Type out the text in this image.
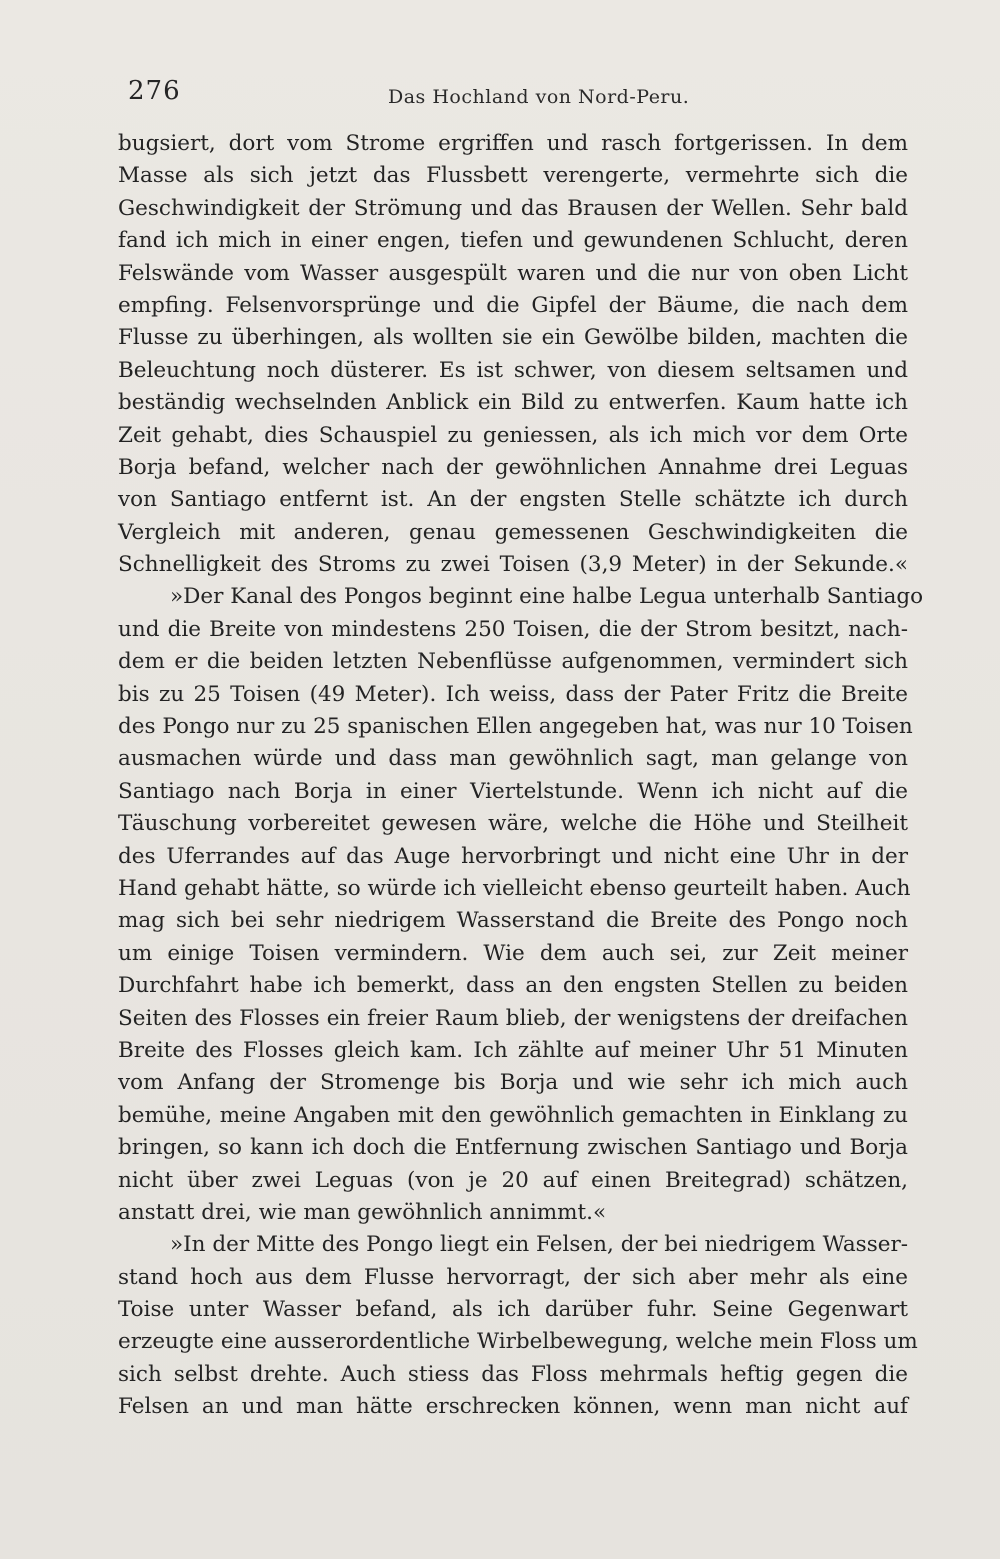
276	Das Hochland von Nord-Peru.
bugsiert, dort vom Strome ergriffen und rasch fortgerissen. In dem
Masse als sich jetzt das Flussbett verengerte, vermehrte sich die
Geschwindigkeit der Strömung und das Brausen der Wellen. Sehr bald
fand ich mich in einer engen, tiefen und gewundenen Schlucht, deren
Felswände vom Wasser ausgespült waren und die nur von oben Licht
empfing. Felsenvorsprünge und die Gipfel der Bäume, die nach dem
Flusse zu überhingen, als wollten sie ein Gewölbe bilden, machten die
Beleuchtung noch düsterer. Es ist schwer, von diesem seltsamen und
beständig wechselnden Anblick ein Bild zu entwerfen. Kaum hatte ich
Zeit gehabt, dies Schauspiel zu geniessen, als ich mich vor dem Orte
Borja befand, welcher nach der gewöhnlichen Annahme drei Leguas
von Santiago entfernt ist. An der engsten Stelle schätzte ich durch
Vergleich mit anderen, genau gemessenen Geschwindigkeiten die
Schnelligkeit des Stroms zu zwei Toisen (3,9 Meter) in der Sekunde.«
»Der Kanal des Pongos beginnt eine halbe Legua unterhalb Santiago
und die Breite von mindestens 250 Toisen, die der Strom besitzt, nach-
dem er die beiden letzten Nebenflüsse aufgenommen, vermindert sich
bis zu 25 Toisen (49 Meter). Ich weiss, dass der Pater Fritz die Breite
des Pongo nur zu 25 spanischen Ellen angegeben hat, was nur 10 Toisen
ausmachen würde und dass man gewöhnlich sagt, man gelange von
Santiago nach Borja in einer Viertelstunde. Wenn ich nicht auf die
Täuschung vorbereitet gewesen wäre, welche die Höhe und Steilheit
des Uferrandes auf das Auge hervorbringt und nicht eine Uhr in der
Hand gehabt hätte, so würde ich vielleicht ebenso geurteilt haben. Auch
mag sich bei sehr niedrigem Wasserstand die Breite des Pongo noch
um einige Toisen vermindern. Wie dem auch sei, zur Zeit meiner
Durchfahrt habe ich bemerkt, dass an den engsten Stellen zu beiden
Seiten des Flosses ein freier Raum blieb, der wenigstens der dreifachen
Breite des Flosses gleich kam. Ich zählte auf meiner Uhr 51 Minuten
vom Anfang der Stromenge bis Borja und wie sehr ich mich auch
bemühe, meine Angaben mit den gewöhnlich gemachten in Einklang zu
bringen, so kann ich doch die Entfernung zwischen Santiago und Borja
nicht über zwei Leguas (von je 20 auf einen Breitegrad) schätzen,
anstatt drei, wie man gewöhnlich annimmt.«
»In der Mitte des Pongo liegt ein Felsen, der bei niedrigem Wasser-
stand hoch aus dem Flusse hervorragt, der sich aber mehr als eine
Toise unter Wasser befand, als ich darüber fuhr. Seine Gegenwart
erzeugte eine ausserordentliche Wirbelbewegung, welche mein Floss um
sich selbst drehte. Auch stiess das Floss mehrmals heftig gegen die
Felsen an und man hätte erschrecken können, wenn man nicht auf
